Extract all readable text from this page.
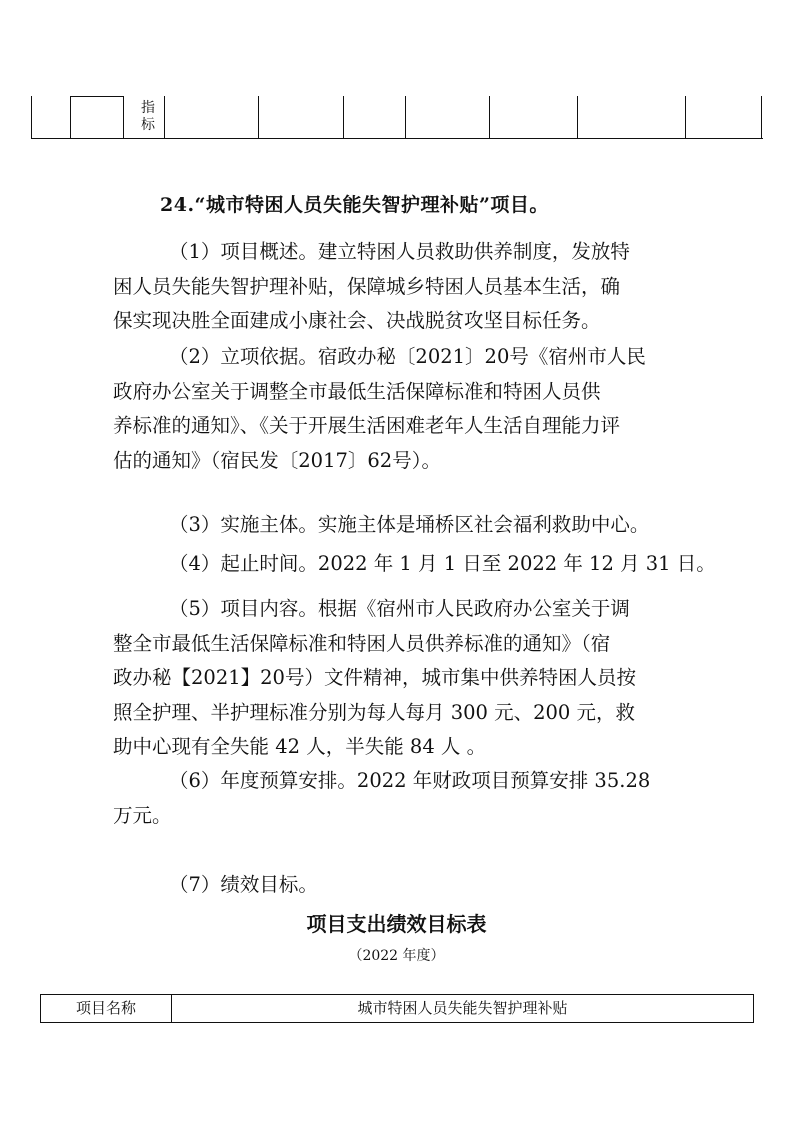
指
标
24.“城市特困人员失能失智护理补贴”项目。
（1）项目概述。建立特困人员救助供养制度，发放特
困人员失能失智护理补贴，保障城乡特困人员基本生活，确
保实现决胜全面建成小康社会、决战脱贫攻坚目标任务。
（2）立项依据。宿政办秘〔2021〕20号《宿州市人民
政府办公室关于调整全市最低生活保障标准和特困人员供
养标准的通知》、《关于开展生活困难老年人生活自理能力评
估的通知》（宿民发〔2017〕62号）。
（3）实施主体。实施主体是埇桥区社会福利救助中心。
（4）起止时间。2022 年 1 月 1 日至 2022 年 12 月 31 日。
（5）项目内容。根据《宿州市人民政府办公室关于调
整全市最低生活保障标准和特困人员供养标准的通知》（宿
政办秘【2021】20号）文件精神，城市集中供养特困人员按
照全护理、半护理标准分别为每人每月 300 元、200 元，救
助中心现有全失能 42 人，半失能 84 人 。
（6）年度预算安排。2022 年财政项目预算安排 35.28
万元。
（7）绩效目标。
项目支出绩效目标表
（2022 年度）
项目名称	城市特困人员失能失智护理补贴
